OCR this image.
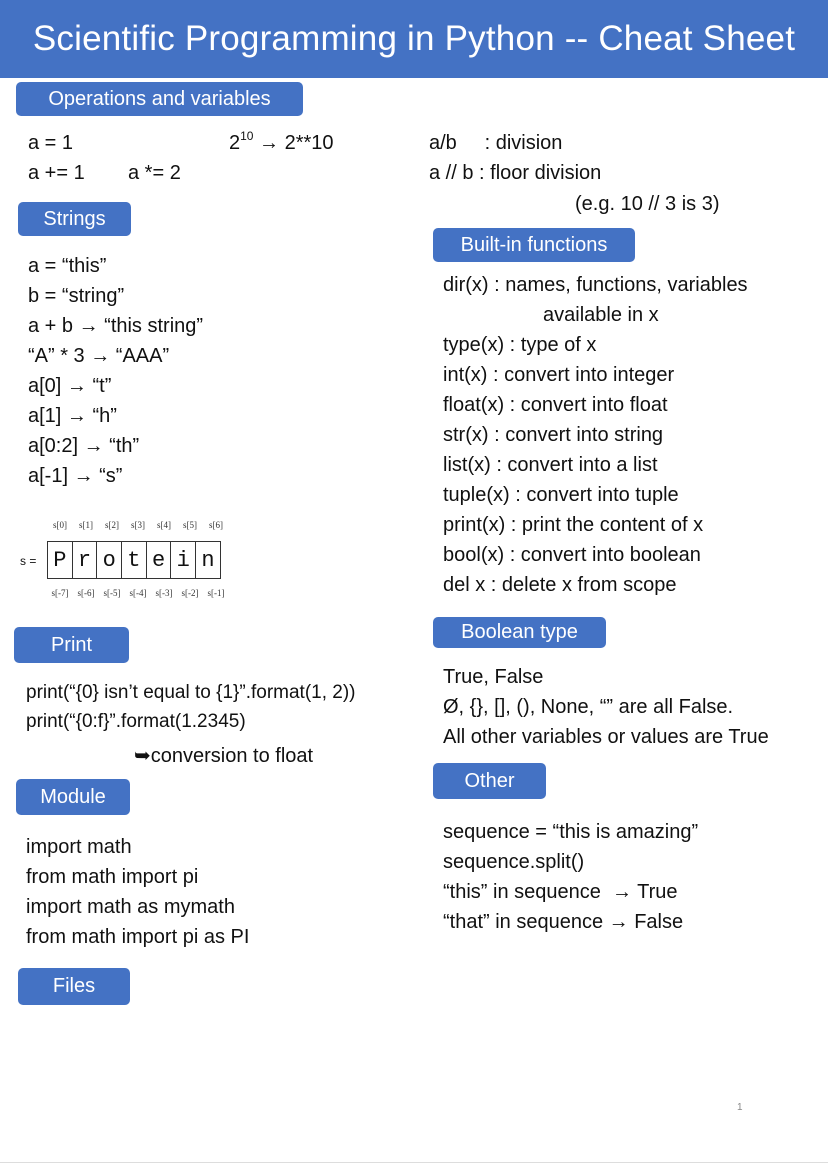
Scientific Programming in Python -- Cheat Sheet
Operations and variables
a = 1	$2^{10} \to 2**10$
a += 1 a *= 2
a/b     : division
a // b : floor division
(e.g. 10 // 3 is 3)
Strings
a = “this”
b = “string”
a + b → “this string”
“A” * 3 → “AAA”
a[0] → “t”
a[1] → “h”
a[0:2] → “th”
a[-1] → “s”
s =
s[0]	s[1]	s[2]	s[3]	s[4]	s[5]	s[6]
P r o t e i n
s[-7]	s[-6]	s[-5]	s[-4]	s[-3]	s[-2]	s[-1]
Built-in functions
dir(x) : names, functions, variables
available in x
type(x) : type of x
int(x) : convert into integer
float(x) : convert into float
str(x) : convert into string
list(x) : convert into a list
tuple(x) : convert into tuple
print(x) : print the content of x
bool(x) : convert into boolean
del x : delete x from scope
Print
print(“{0} isn’t equal to {1}”.format(1, 2))
print(“{0:f}”.format(1.2345)
➥conversion to float
Boolean type
True, False
Ø, {}, [], (), None, “” are all False.
All other variables or values are True
Module
import math
from math import pi
import math as mymath
from math import pi as PI
Other
sequence = “this is amazing”
sequence.split()
“this” in sequence  → True
“that” in sequence → False
Files
1
